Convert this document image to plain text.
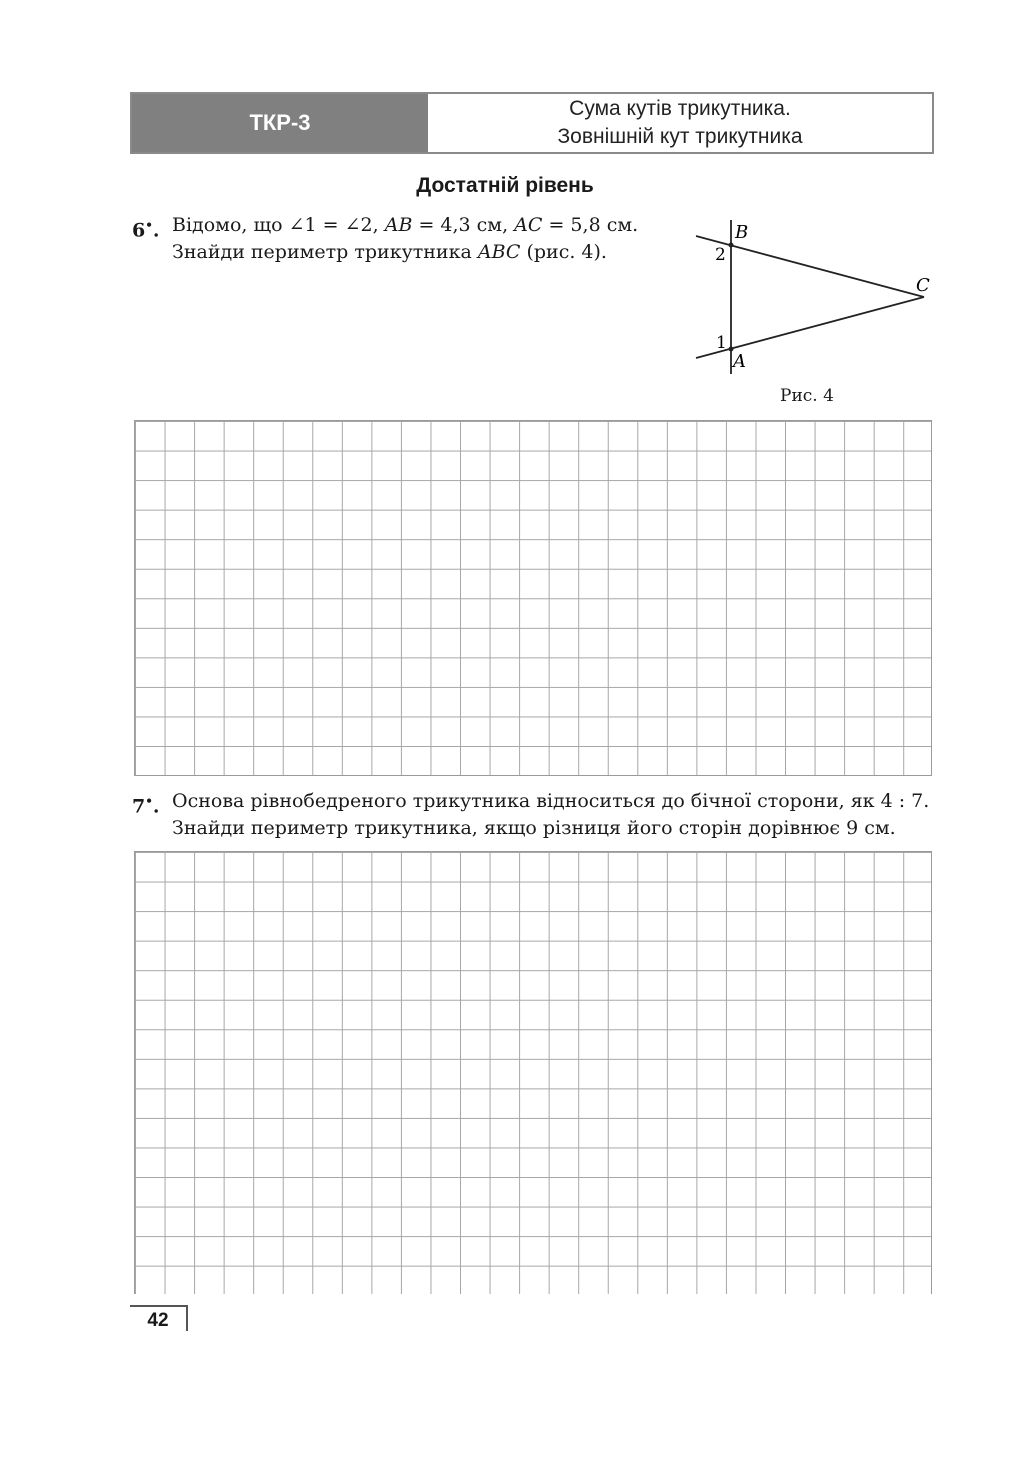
ТКР-3
Сума кутів трикутника.
Зовнішній кут трикутника
Достатній рівень
6•. Відомо, що ∠1 = ∠2, AB = 4,3 см, AC = 5,8 см.
Знайди периметр трикутника ABC (рис. 4).
B
C
A
2
1
Рис. 4
7•. Основа рівнобедреного трикутника відноситься до бічної сторони, як 4 : 7.
Знайди периметр трикутника, якщо різниця його сторін дорівнює 9 см.
42
